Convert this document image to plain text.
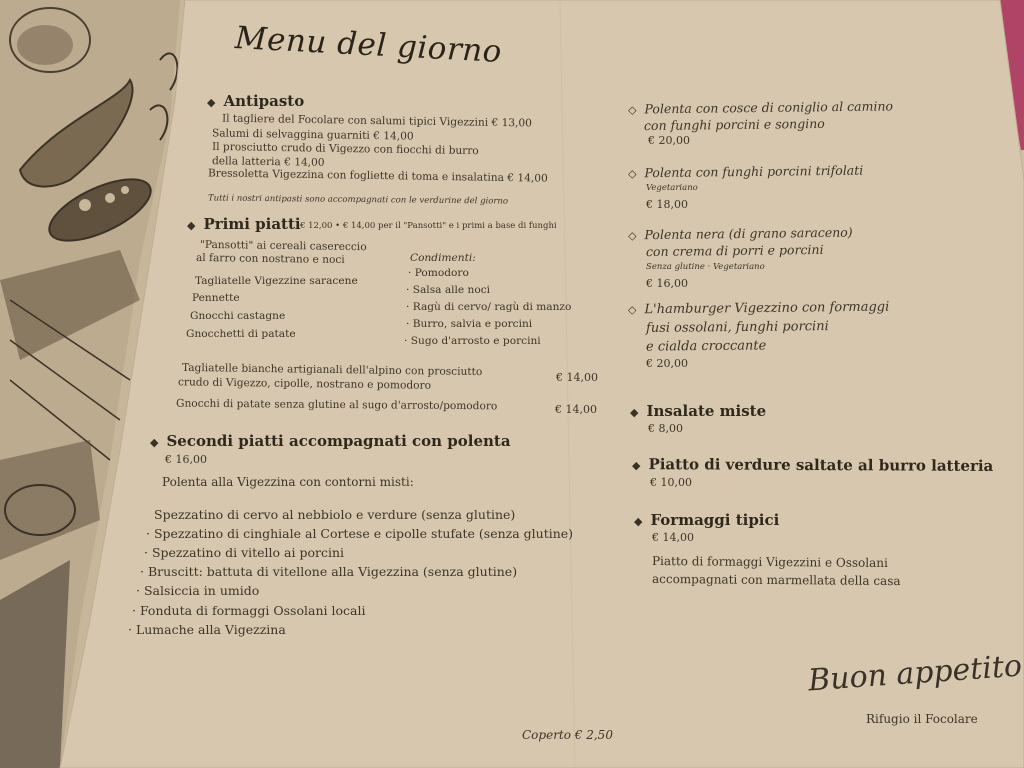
Menu del giorno
◆ Antipasto
Il tagliere del Focolare con salumi tipici Vigezzini € 13,00
Salumi di selvaggina guarniti € 14,00
Il prosciutto crudo di Vigezzo con fiocchi di burro
della latteria € 14,00
Bressoletta Vigezzina con fogliette di toma e insalatina € 14,00
Tutti i nostri antipasti sono accompagnati con le verdurine del giorno
◆ Primi piatti € 12,00 • € 14,00 per il "Pansotti" e i primi a base di funghi
"Pansotti" ai cereali casereccio
al farro con nostrano e noci
Tagliatelle Vigezzine saracene
Pennette
Gnocchi castagne
Gnocchetti di patate
Condimenti:
· Pomodoro
· Salsa alle noci
· Ragù di cervo/ ragù di manzo
· Burro, salvia e porcini
· Sugo d'arrosto e porcini
Tagliatelle bianche artigianali dell'alpino con prosciutto	€ 14,00
crudo di Vigezzo, cipolle, nostrano e pomodoro
Gnocchi di patate senza glutine al sugo d'arrosto/pomodoro	€ 14,00
◆ Secondi piatti accompagnati con polenta
€ 16,00
Polenta alla Vigezzina con contorni misti:
Spezzatino di cervo al nebbiolo e verdure (senza glutine)
· Spezzatino di cinghiale al Cortese e cipolle stufate (senza glutine)
· Spezzatino di vitello ai porcini
· Bruscitt: battuta di vitellone alla Vigezzina (senza glutine)
· Salsiccia in umido
· Fonduta di formaggi Ossolani locali
· Lumache alla Vigezzina
Coperto € 2,50
◇ Polenta con cosce di coniglio al camino
con funghi porcini e songino
€ 20,00
◇ Polenta con funghi porcini trifolati
Vegetariano
€ 18,00
◇ Polenta nera (di grano saraceno)
con crema di porri e porcini
Senza glutine · Vegetariano
€ 16,00
◇ L'hamburger Vigezzino con formaggi
fusi ossolani, funghi porcini
e cialda croccante
€ 20,00
◆ Insalate miste
€ 8,00
◆ Piatto di verdure saltate al burro latteria
€ 10,00
◆ Formaggi tipici
€ 14,00
Piatto di formaggi Vigezzini e Ossolani
accompagnati con marmellata della casa
Buon appetito
Rifugio il Focolare
